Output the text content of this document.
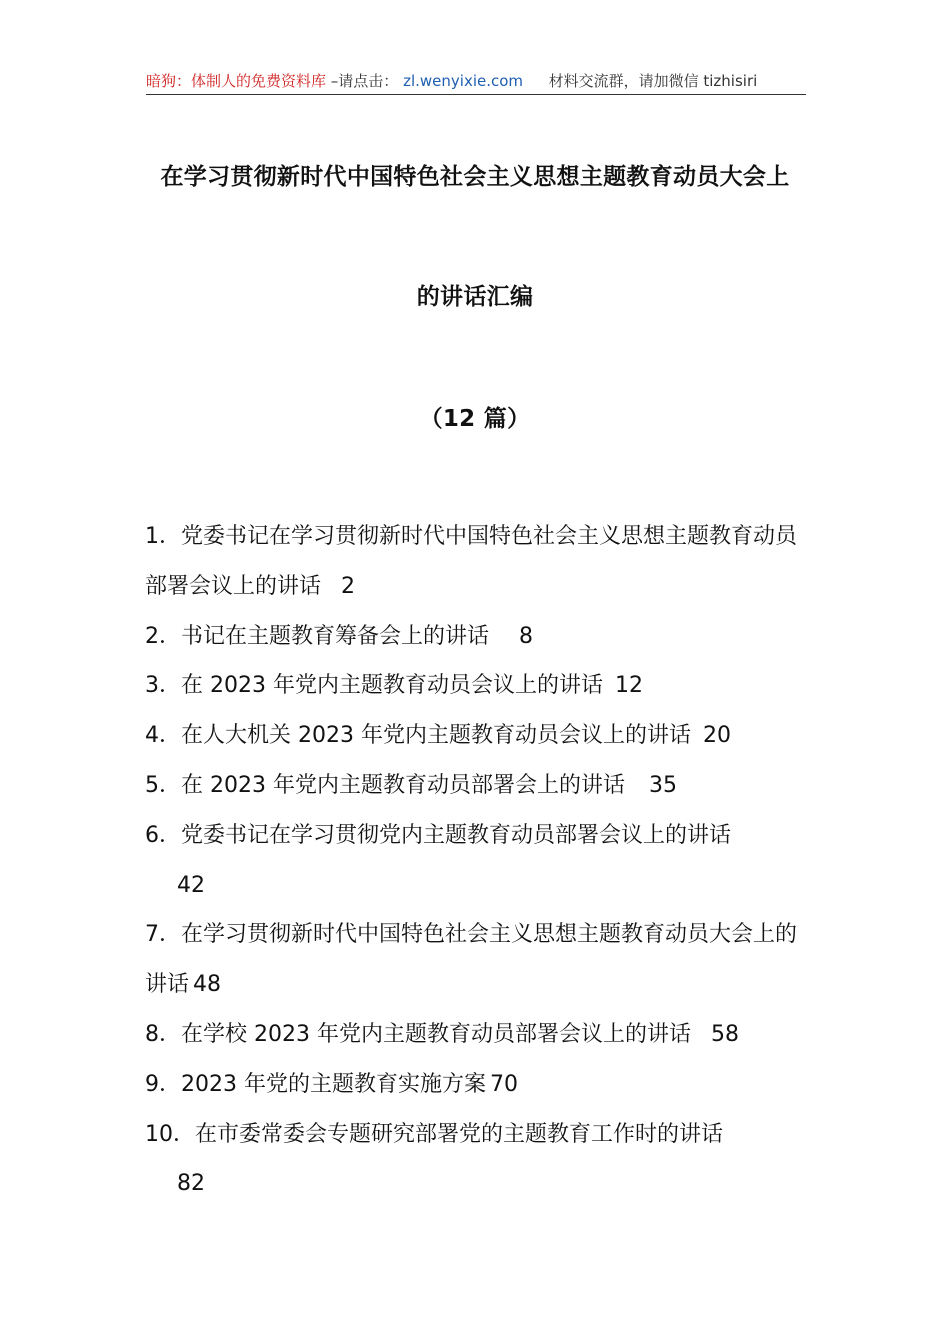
暗狗：体制人的免费资料库 –请点击： zl.wenyixie.com 材料交流群，请加微信 tizhisiri
在学习贯彻新时代中国特色社会主义思想主题教育动员大会上
的讲话汇编
（12 篇）

1．党委书记在学习贯彻新时代中国特色社会主义思想主题教育动员部署会议上的讲话 2

2．书记在主题教育筹备会上的讲话 8

3．在 2023 年党内主题教育动员会议上的讲话 12

4．在人大机关 2023 年党内主题教育动员会议上的讲话 20

5．在 2023 年党内主题教育动员部署会上的讲话 35

6．党委书记在学习贯彻党内主题教育动员部署会议上的讲话
42

7．在学习贯彻新时代中国特色社会主义思想主题教育动员大会上的讲话 48

8．在学校 2023 年党内主题教育动员部署会议上的讲话 58

9．2023 年党的主题教育实施方案 70

10．在市委常委会专题研究部署党的主题教育工作时的讲话
82
